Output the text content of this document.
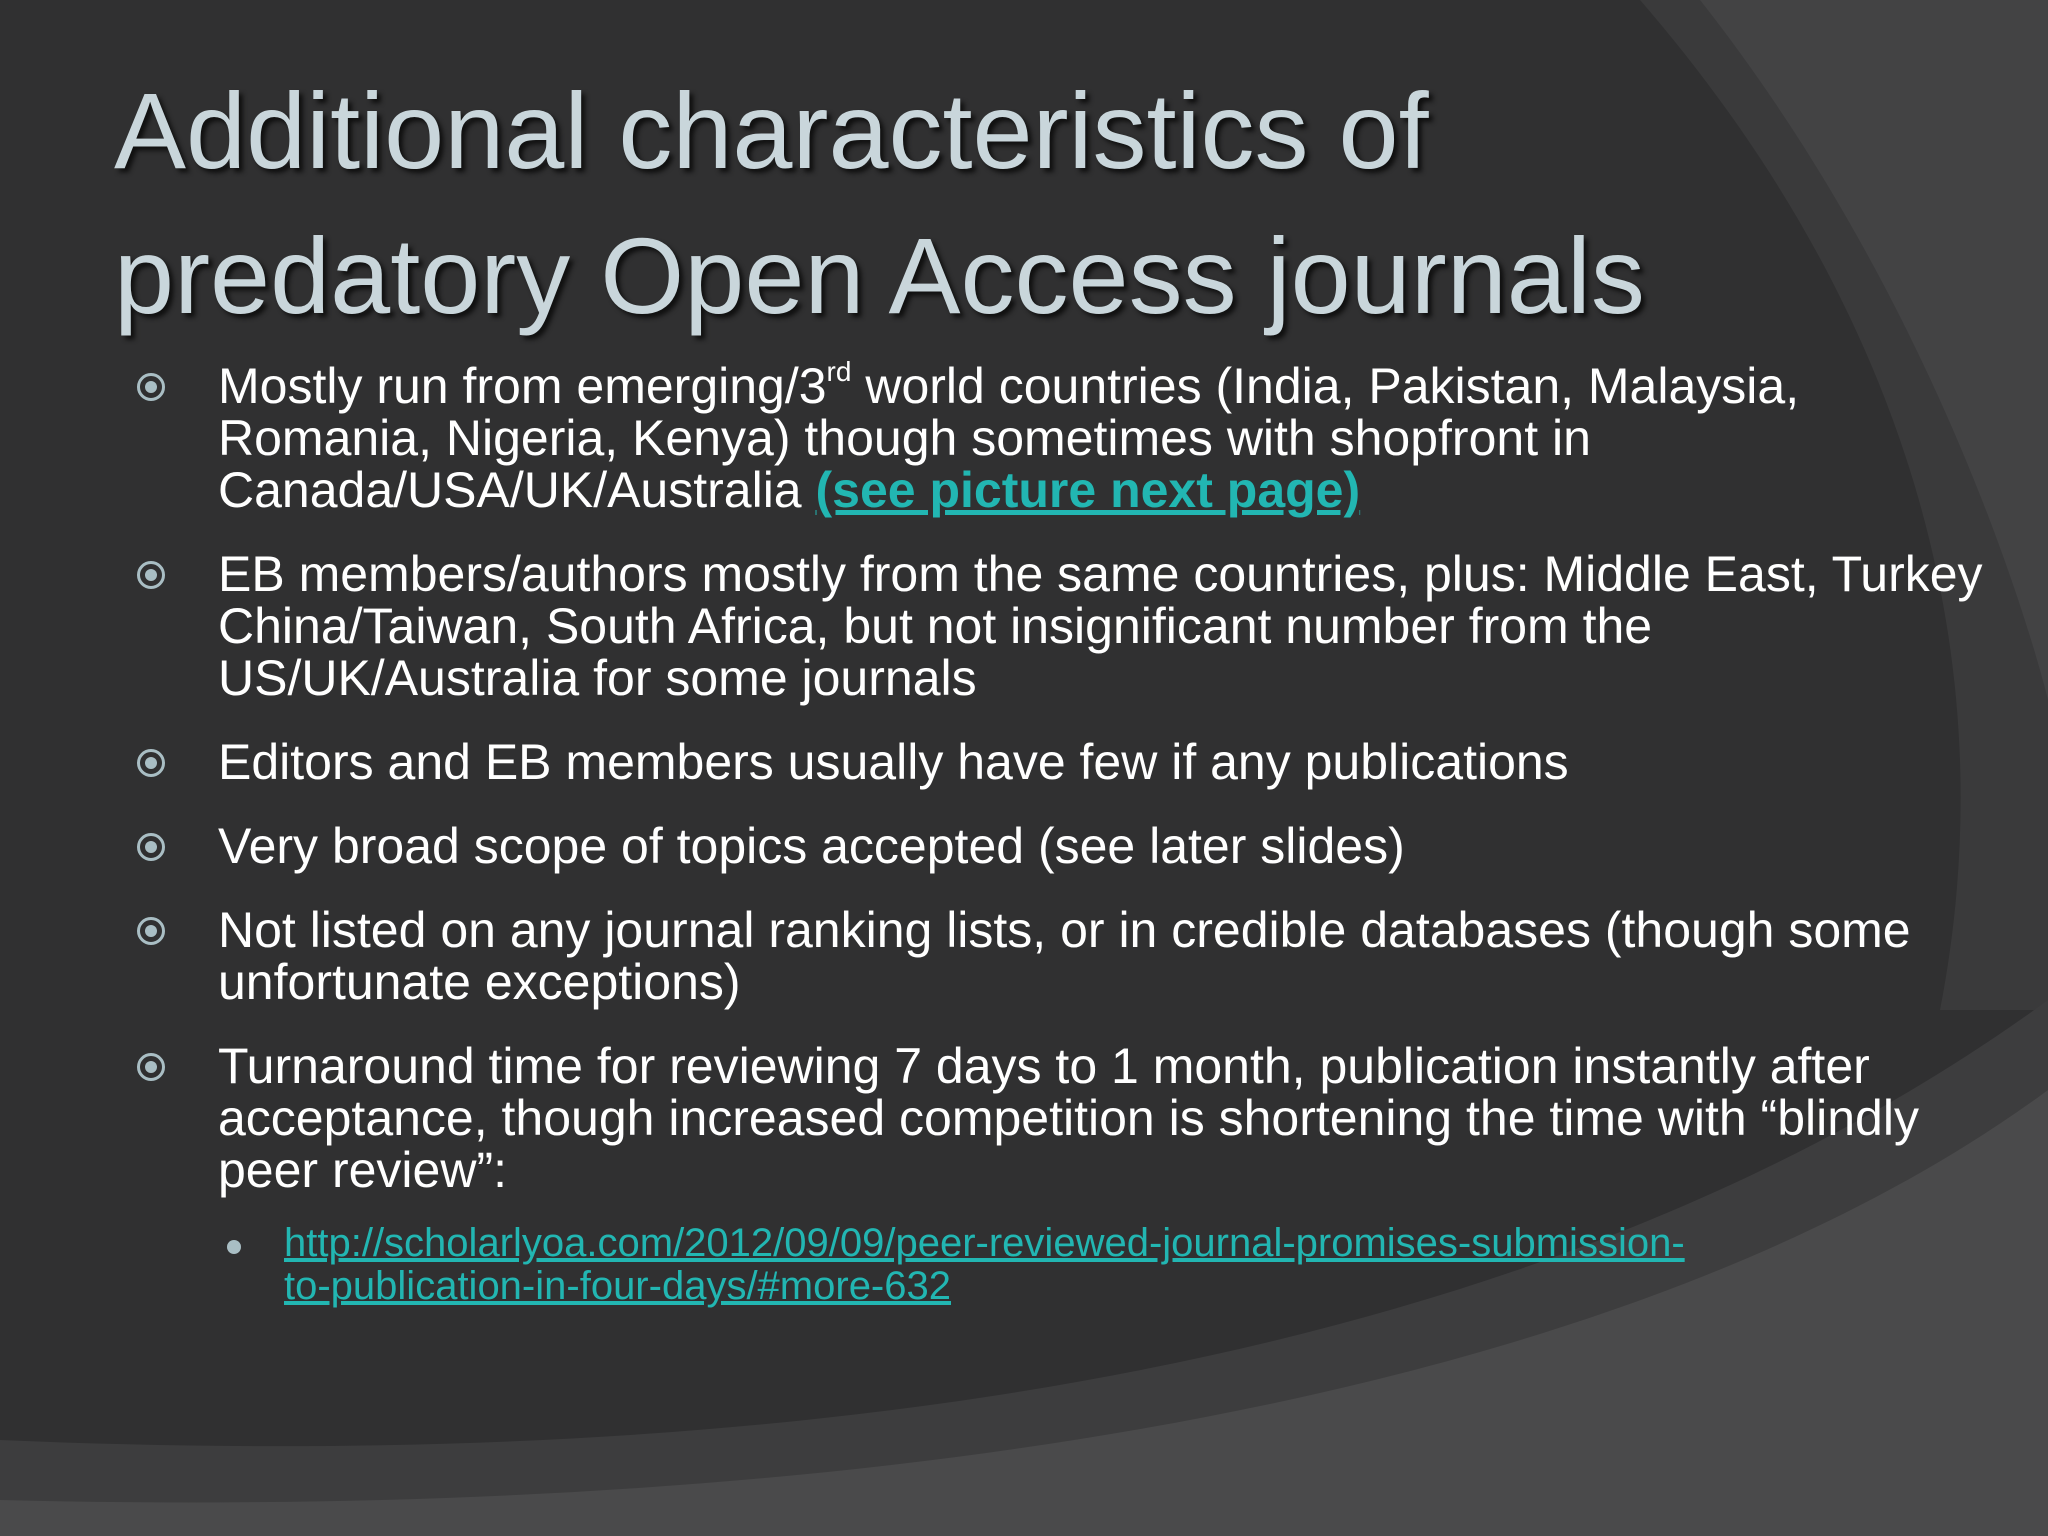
Additional characteristics of
predatory Open Access journals
Mostly run from emerging/3rd world countries (India, Pakistan, Malaysia, Romania, Nigeria, Kenya) though sometimes with shopfront in Canada/USA/UK/Australia (see picture next page)
EB members/authors mostly from the same countries, plus: Middle East, Turkey China/Taiwan, South Africa, but not insignificant number from the US/UK/Australia for some journals
Editors and EB members usually have few if any publications
Very broad scope of topics accepted (see later slides)
Not listed on any journal ranking lists, or in credible databases (though some unfortunate exceptions)
Turnaround time for reviewing 7 days to 1 month, publication instantly after acceptance, though increased competition is shortening the time with “blindly peer review”:
http://scholarlyoa.com/2012/09/09/peer-reviewed-journal-promises-submission-
to-publication-in-four-days/#more-632
